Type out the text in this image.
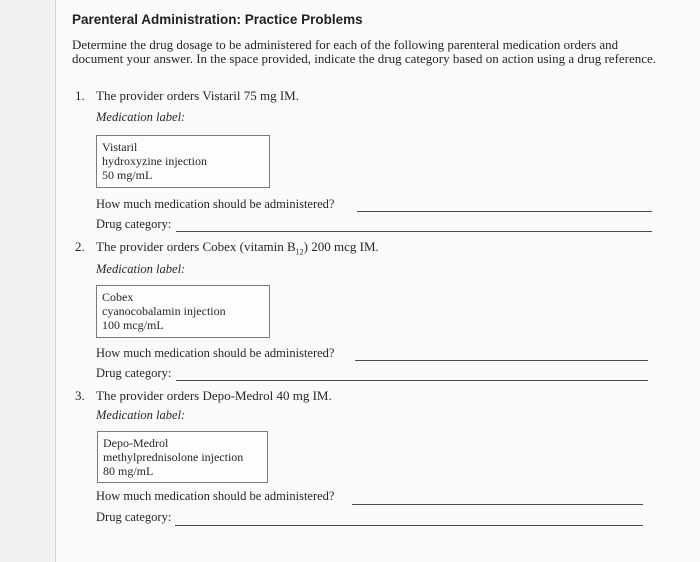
Parenteral Administration: Practice Problems
Determine the drug dosage to be administered for each of the following parenteral medication orders and document your answer. In the space provided, indicate the drug category based on action using a drug reference.
1. The provider orders Vistaril 75 mg IM.
Medication label:
Vistaril
hydroxyzine injection
50 mg/mL
How much medication should be administered?
Drug category:
2. The provider orders Cobex (vitamin $B_{12}$) 200 mcg IM.
Medication label:
Cobex
cyanocobalamin injection
100 mcg/mL
How much medication should be administered?
Drug category:
3. The provider orders Depo-Medrol 40 mg IM.
Medication label:
Depo-Medrol
methylprednisolone injection
80 mg/mL
How much medication should be administered?
Drug category:
